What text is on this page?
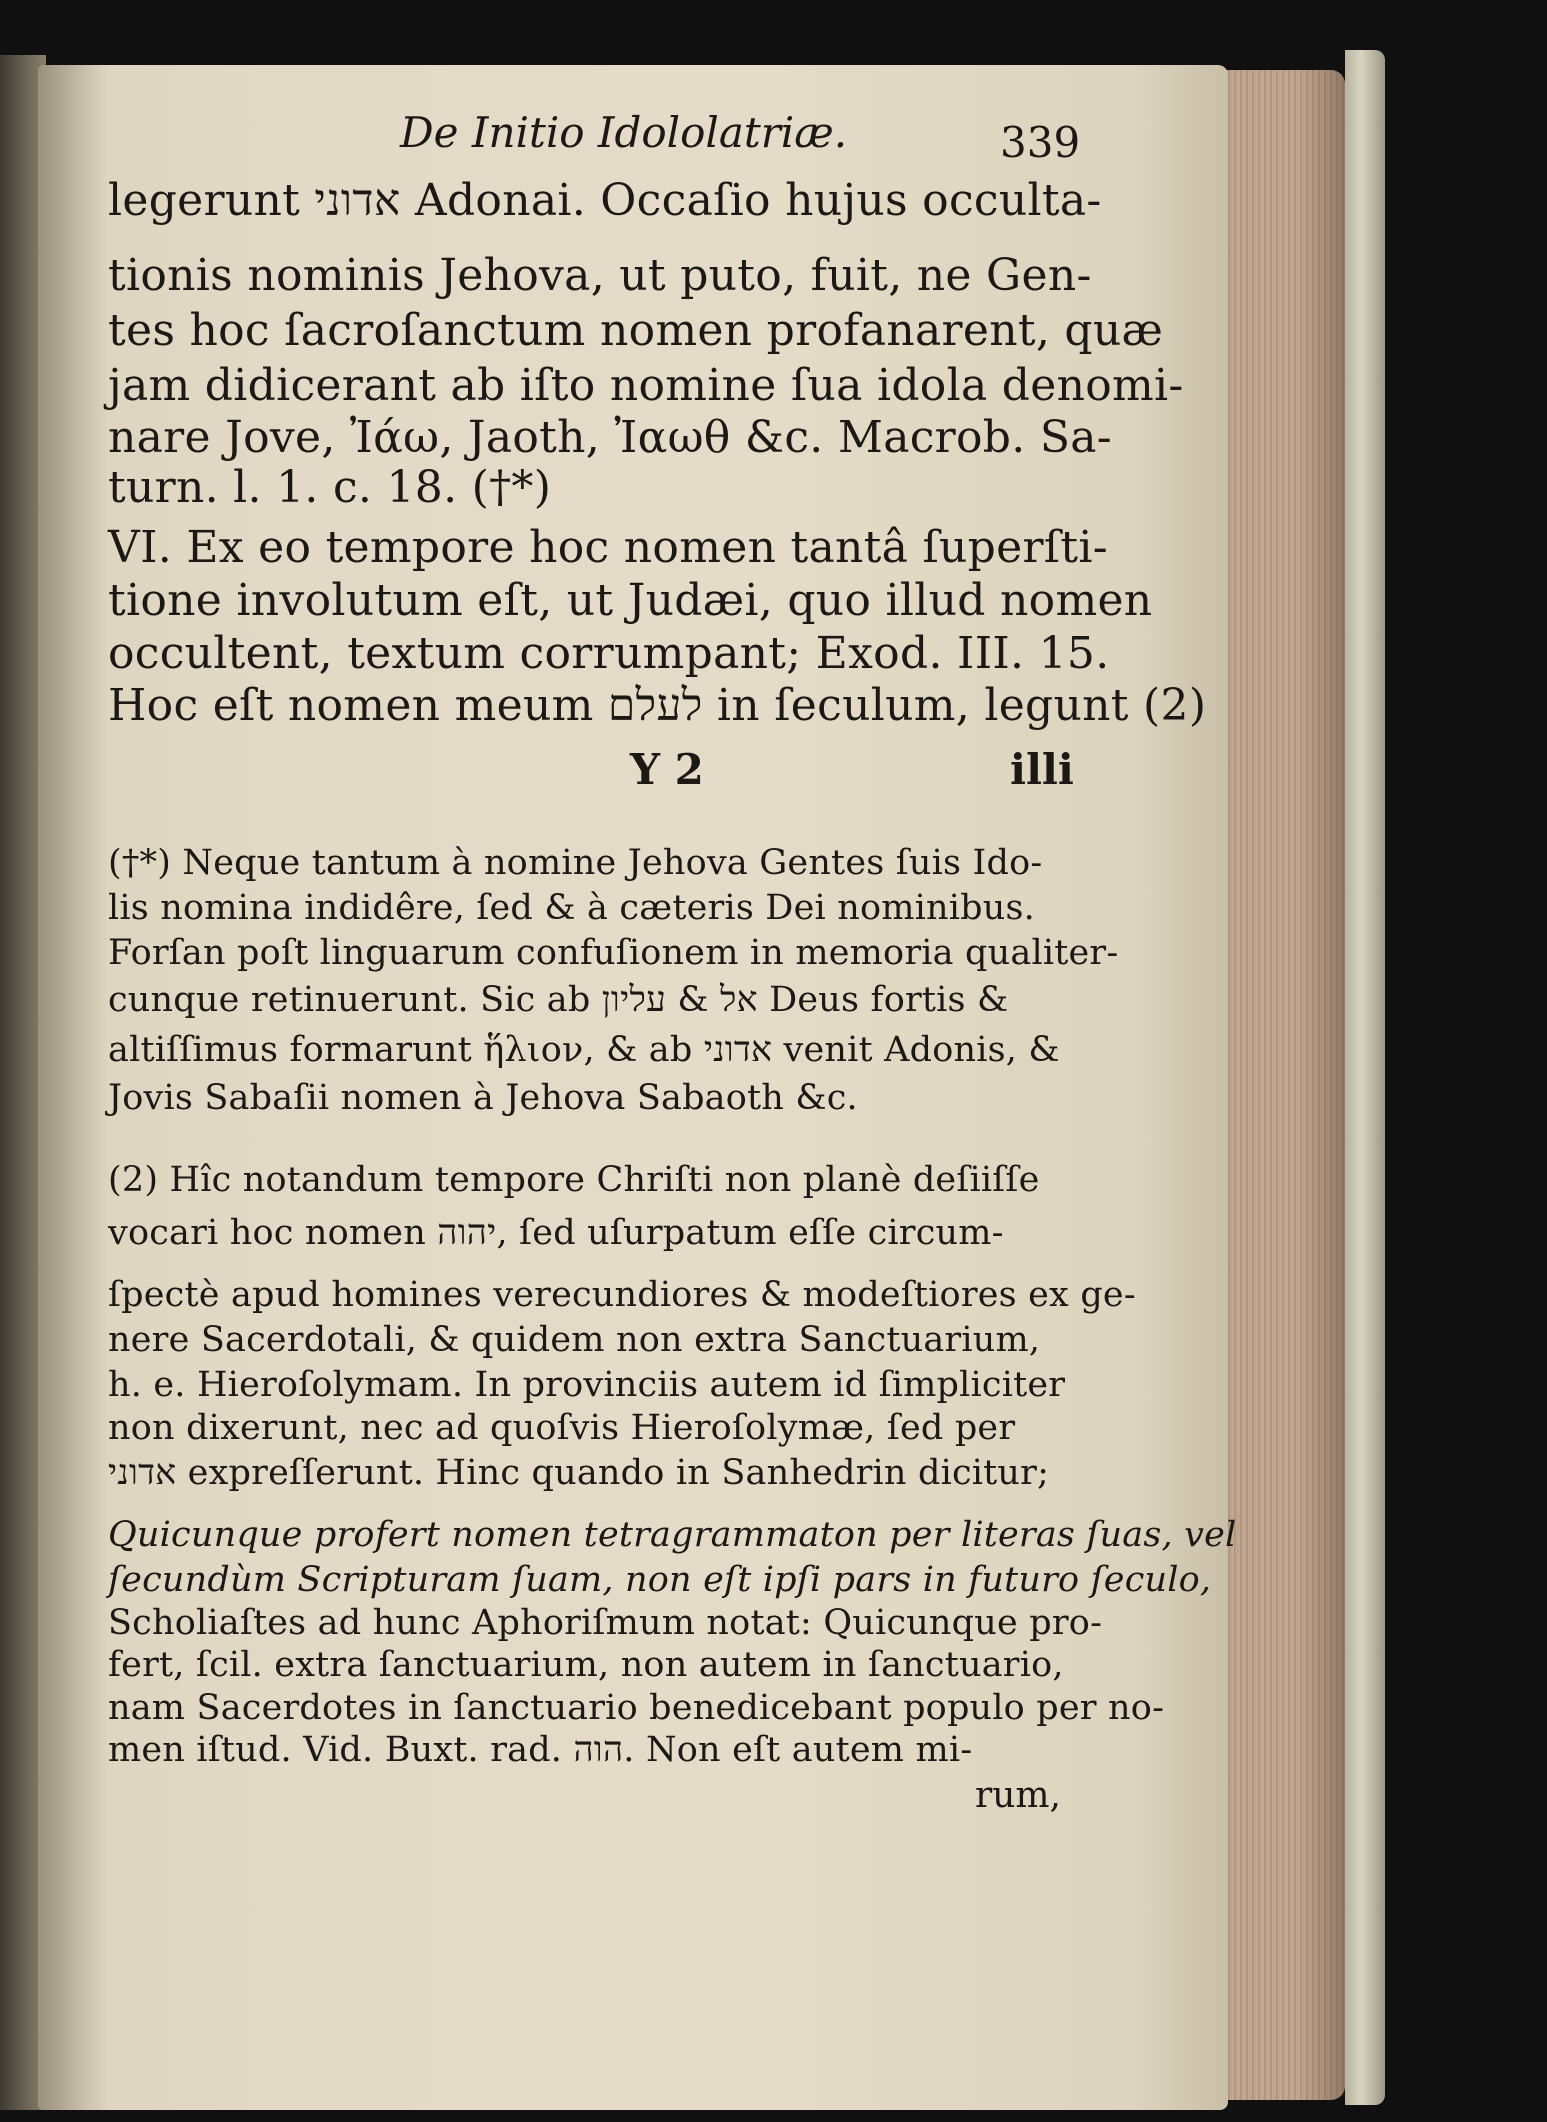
De Initio Idololatriæ.	339
legerunt אדוני Adonai. Occaſio hujus occulta-
tionis nominis Jehova, ut puto, fuit, ne Gen-
tes hoc ſacroſanctum nomen profanarent, quæ
jam didicerant ab iſto nomine ſua idola denomi-
nare Jove, Ἰάω, Jaoth, Ἰαωθ &c. Macrob. Sa-
turn. l. 1. c. 18. (†*)
VI. Ex eo tempore hoc nomen tantâ ſuperſti-
tione involutum eſt, ut Judæi, quo illud nomen
occultent, textum corrumpant; Exod. III. 15.
Hoc eſt nomen meum לעלם in ſeculum, legunt (2)
Y 2	illi
(†*) Neque tantum à nomine Jehova Gentes ſuis Ido-
lis nomina indidêre, ſed & à cæteris Dei nominibus.
Forſan poſt linguarum confuſionem in memoria qualiter-
cunque retinuerunt. Sic ab אל & עליון Deus fortis &
altiſſimus formarunt ἥλιον, & ab אדוני venit Adonis, &
Jovis Sabaſii nomen à Jehova Sabaoth &c.
(2) Hîc notandum tempore Chriſti non planè deſiiſſe
vocari hoc nomen יהוה, ſed uſurpatum eſſe circum-
ſpectè apud homines verecundiores & modeſtiores ex ge-
nere Sacerdotali, & quidem non extra Sanctuarium,
h. e. Hieroſolymam. In provinciis autem id ſimpliciter
non dixerunt, nec ad quoſvis Hieroſolymæ, ſed per
אדוני expreſſerunt. Hinc quando in Sanhedrin dicitur;
Quicunque profert nomen tetragrammaton per literas ſuas, vel
ſecundùm Scripturam ſuam, non eſt ipſi pars in futuro ſeculo,
Scholiaſtes ad hunc Aphoriſmum notat: Quicunque pro-
fert, ſcil. extra ſanctuarium, non autem in ſanctuario,
nam Sacerdotes in ſanctuario benedicebant populo per no-
men iſtud. Vid. Buxt. rad. הוה. Non eſt autem mi-
rum,
